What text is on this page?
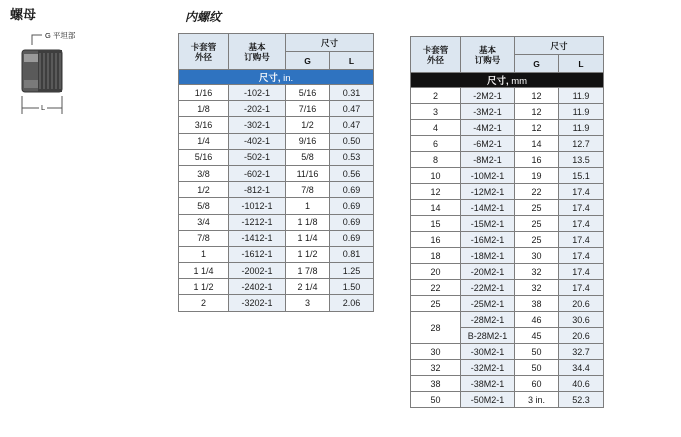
螺母
G 平坦部
L
内螺纹
卡套管
外径	基本
订购号	尺寸	
		G	L
尺寸, in.			
1/16	-102-1	5/16	0.31
1/8	-202-1	7/16	0.47
3/16	-302-1	1/2	0.47
1/4	-402-1	9/16	0.50
5/16	-502-1	5/8	0.53
3/8	-602-1	11/16	0.56
1/2	-812-1	7/8	0.69
5/8	-1012-1	1	0.69
3/4	-1212-1	1 1/8	0.69
7/8	-1412-1	1 1/4	0.69
1	-1612-1	1 1/2	0.81
1 1/4	-2002-1	1 7/8	1.25
1 1/2	-2402-1	2 1/4	1.50
2	-3202-1	3	2.06
卡套管
外径	基本
订购号	尺寸	
		G	L
尺寸, mm			
2	-2M2-1	12	11.9
3	-3M2-1	12	11.9
4	-4M2-1	12	11.9
6	-6M2-1	14	12.7
8	-8M2-1	16	13.5
10	-10M2-1	19	15.1
12	-12M2-1	22	17.4
14	-14M2-1	25	17.4
15	-15M2-1	25	17.4
16	-16M2-1	25	17.4
18	-18M2-1	30	17.4
20	-20M2-1	32	17.4
22	-22M2-1	32	17.4
25	-25M2-1	38	20.6
28	-28M2-1	46	30.6
	B-28M2-1	45	20.6
30	-30M2-1	50	32.7
32	-32M2-1	50	34.4
38	-38M2-1	60	40.6
50	-50M2-1	3 in.	52.3
